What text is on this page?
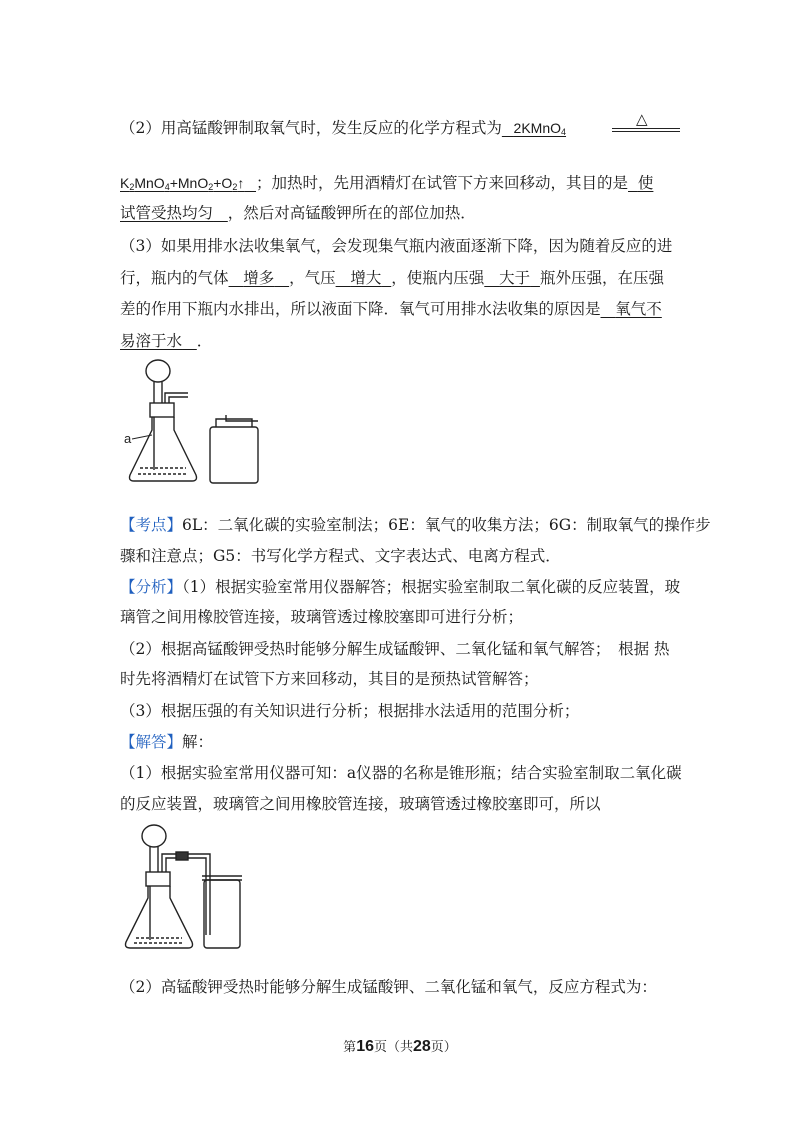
（2）用高锰酸钾制取氧气时，发生反应的化学方程式为 2KMnO$_4$
△
$K_2MnO_4+MnO_2+O_2↑$ ；加热时，先用酒精灯在试管下方来回移动，其目的是 使
试管受热均匀 ，然后对高锰酸钾所在的部位加热．
（3）如果用排水法收集氧气，会发现集气瓶内液面逐渐下降，因为随着反应的进
行，瓶内的气体 增多 ，气压 增大 ，使瓶内压强 大于 瓶外压强，在压强
差的作用下瓶内水排出，所以液面下降．氧气可用排水法收集的原因是 氧气不
易溶于水 ．
a
【考点】6L：二氧化碳的实验室制法；6E：氧气的收集方法；6G：制取氧气的操作步
骤和注意点；G5：书写化学方程式、文字表达式、电离方程式．
【分析】（1）根据实验室常用仪器解答；根据实验室制取二氧化碳的反应装置，玻
璃管之间用橡胶管连接，玻璃管透过橡胶塞即可进行分析；
（2）根据高锰酸钾受热时能够分解生成锰酸钾、二氧化锰和氧气解答；　根据 热
时先将酒精灯在试管下方来回移动，其目的是预热试管解答；
（3）根据压强的有关知识进行分析；根据排水法适用的范围分析；
【解答】解：
（1）根据实验室常用仪器可知：a仪器的名称是锥形瓶；结合实验室制取二氧化碳
的反应装置，玻璃管之间用橡胶管连接，玻璃管透过橡胶塞即可，所以
（2）高锰酸钾受热时能够分解生成锰酸钾、二氧化锰和氧气，反应方程式为：
第16页（共28页）
